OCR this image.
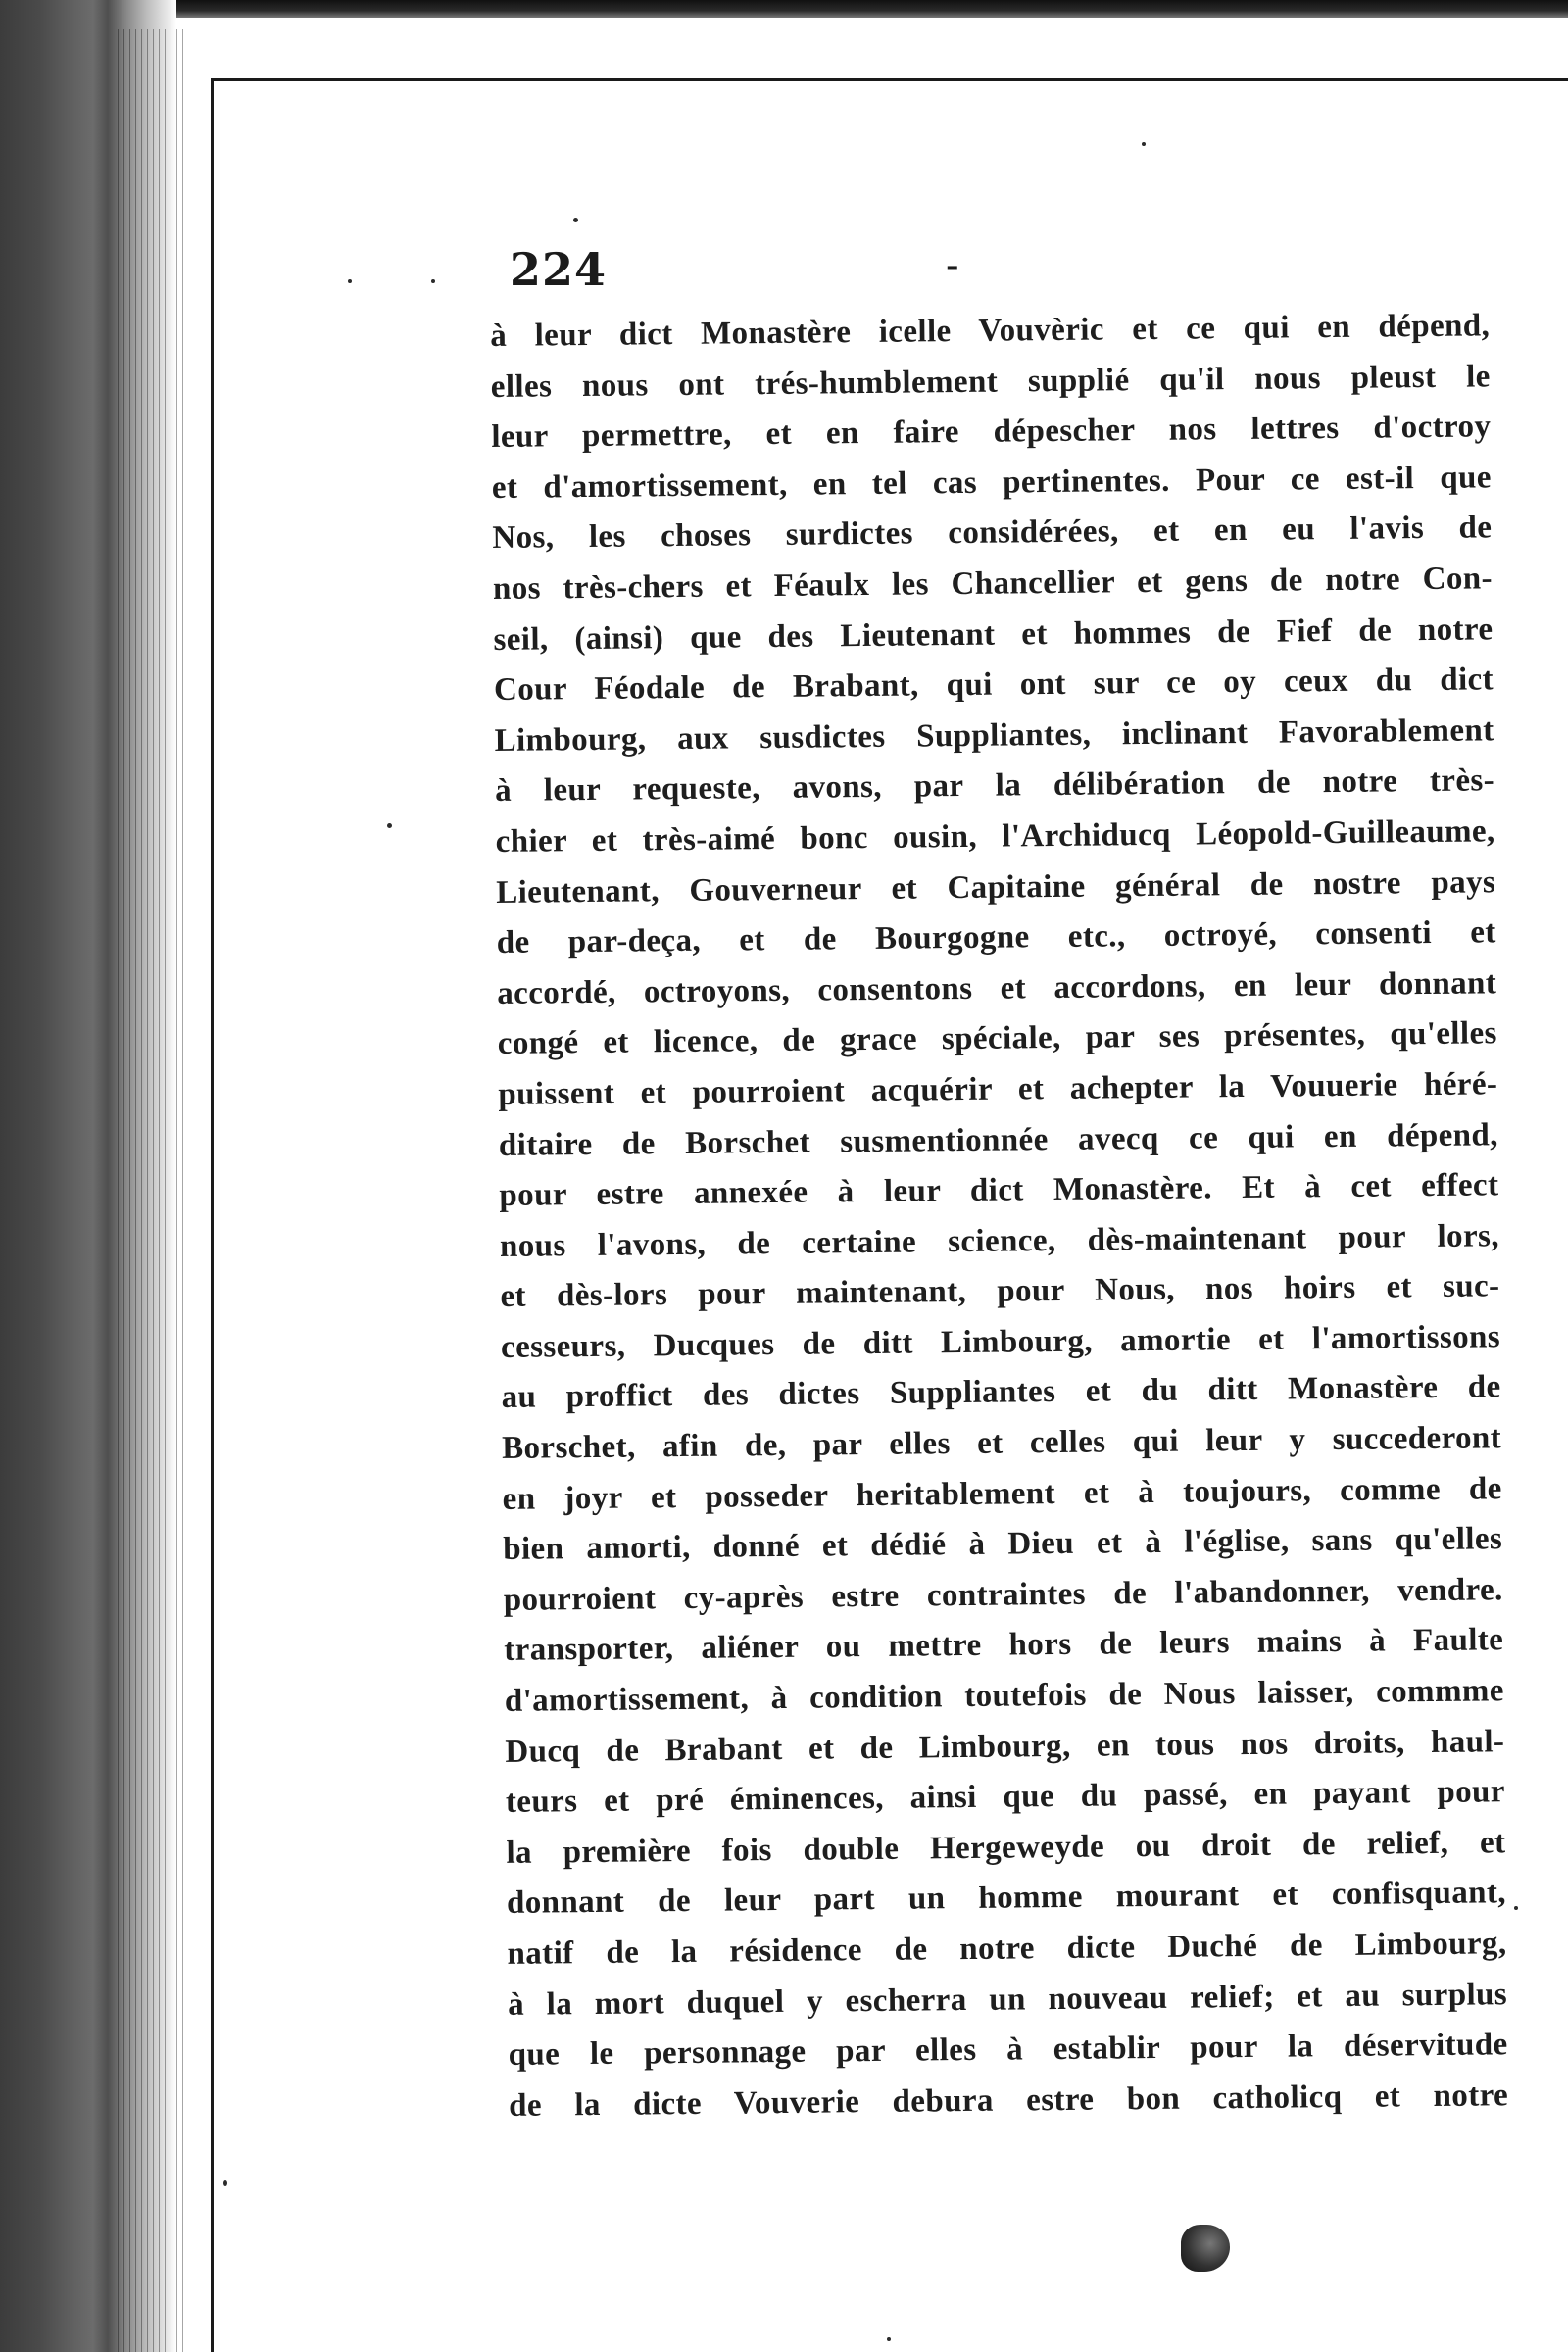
224	-
à leur dict Monastère icelle Vouvèric et ce qui en dépend,
elles nous ont trés-humblement supplié qu'il nous pleust le
leur permettre, et en faire dépescher nos lettres d'octroy
et d'amortissement, en tel cas pertinentes. Pour ce est-il que
Nos, les choses surdictes considérées, et en eu l'avis de
nos très-chers et Féaulx les Chancellier et gens de notre Con-
seil, (ainsi) que des Lieutenant et hommes de Fief de notre
Cour Féodale de Brabant, qui ont sur ce oy ceux du dict
Limbourg, aux susdictes Suppliantes, inclinant Favorablement
à leur requeste, avons, par la délibération de notre très-
chier et très-aimé bonc ousin, l'Archiducq Léopold-Guilleaume,
Lieutenant, Gouverneur et Capitaine général de nostre pays
de par-deça, et de Bourgogne etc., octroyé, consenti et
accordé, octroyons, consentons et accordons, en leur donnant
congé et licence, de grace spéciale, par ses présentes, qu'elles
puissent et pourroient acquérir et achepter la Vouuerie héré-
ditaire de Borschet susmentionnée avecq ce qui en dépend,
pour estre annexée à leur dict Monastère. Et à cet effect
nous l'avons, de certaine science, dès-maintenant pour lors,
et dès-lors pour maintenant, pour Nous, nos hoirs et suc-
cesseurs, Ducques de ditt Limbourg, amortie et l'amortissons
au proffict des dictes Suppliantes et du ditt Monastère de
Borschet, afin de, par elles et celles qui leur y succederont
en joyr et posseder heritablement et à toujours, comme de
bien amorti, donné et dédié à Dieu et à l'église, sans qu'elles
pourroient cy-après estre contraintes de l'abandonner, vendre.
transporter, aliéner ou mettre hors de leurs mains à Faulte
d'amortissement, à condition toutefois de Nous laisser, commme
Ducq de Brabant et de Limbourg, en tous nos droits, haul-
teurs et pré éminences, ainsi que du passé, en payant pour
la première fois double Hergeweyde ou droit de relief, et
donnant de leur part un homme mourant et confisquant,
natif de la résidence de notre dicte Duché de Limbourg,
à la mort duquel y escherra un nouveau relief; et au surplus
que le personnage par elles à establir pour la déservitude
de la dicte Vouverie debura estre bon catholicq et notre
